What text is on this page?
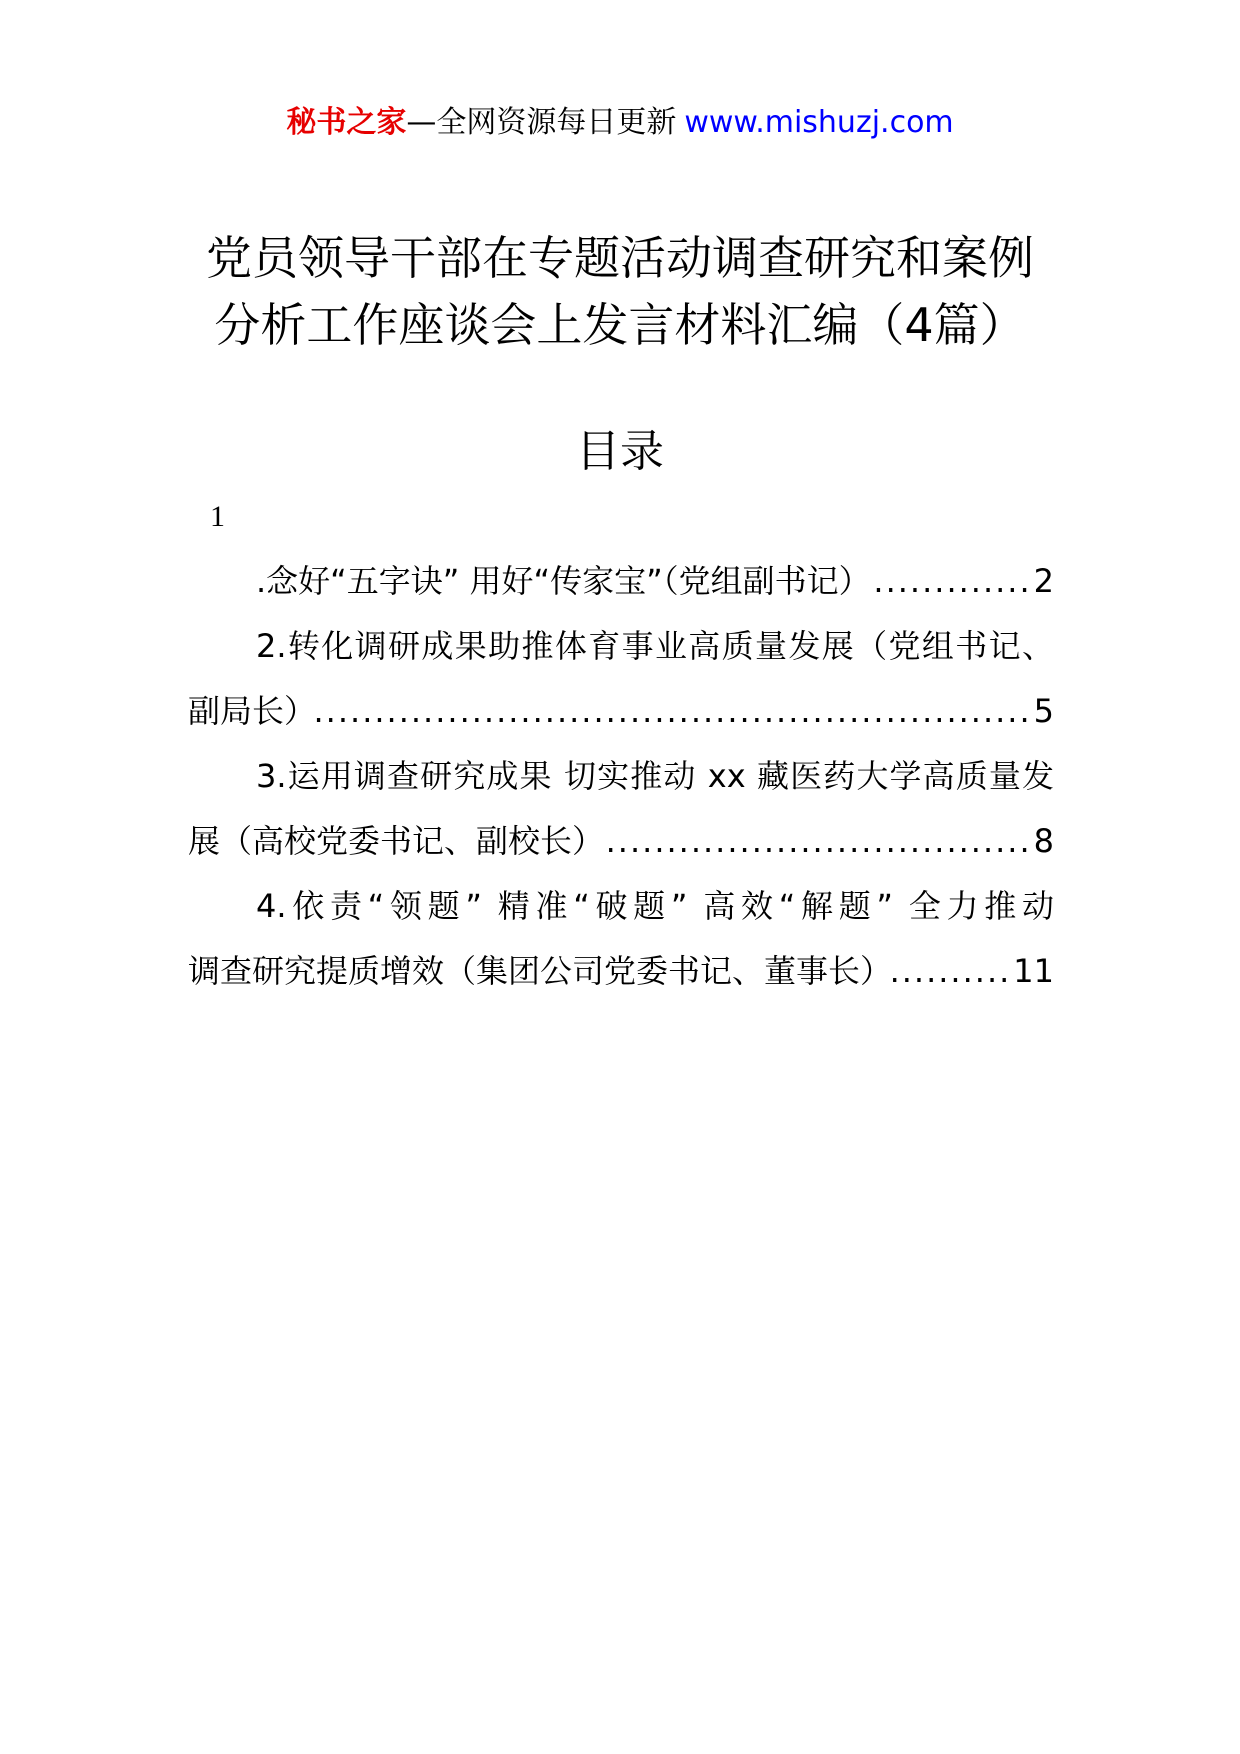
秘书之家—全网资源每日更新 www.mishuzj.com
党员领导干部在专题活动调查研究和案例
分析工作座谈会上发言材料汇编（4篇）
目录
1
.念好“五字诀” 用好“传家宝”（党组副书记） .....	2
2.转化调研成果助推体育事业高质量发展（党组书记、
副局长） .....	5
3.运用调查研究成果 切实推动 xx 藏医药大学高质量发
展（高校党委书记、副校长） .....	8
4.依责“领题” 精准“破题” 高效“解题” 全力推动
调查研究提质增效（集团公司党委书记、董事长） .....	11
